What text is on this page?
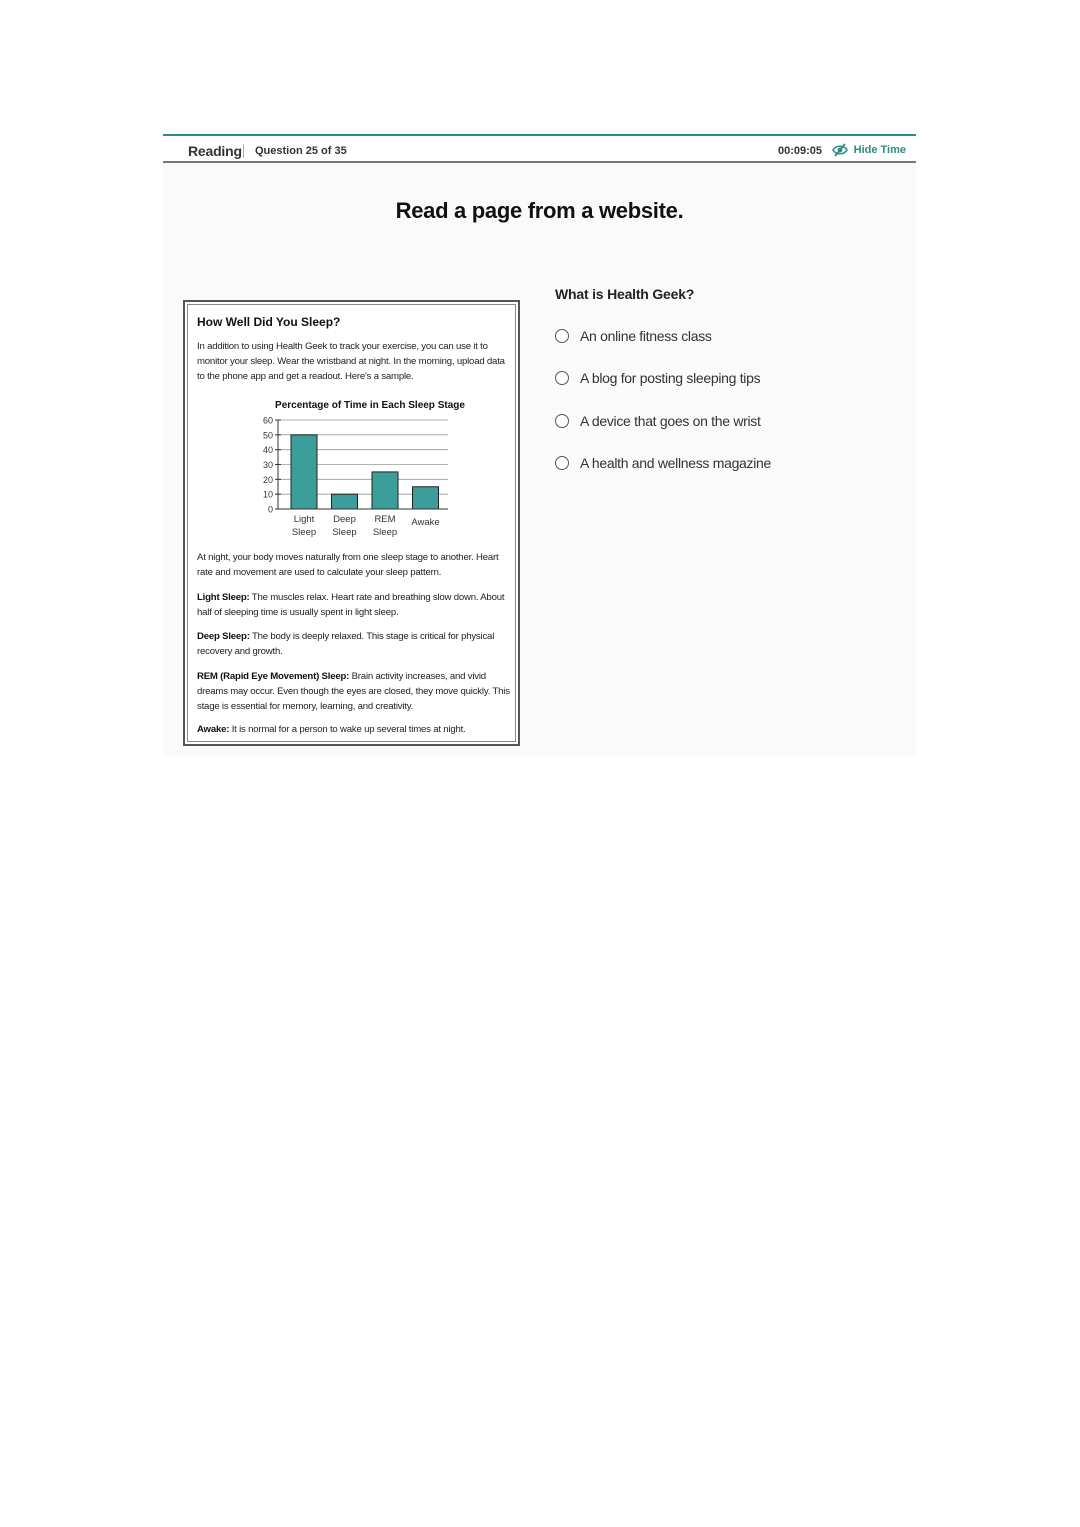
Reading Question 25 of 35	00:09:05	Hide Time
Read a page from a website.
How Well Did You Sleep?
In addition to using Health Geek to track your exercise, you can use it to monitor your sleep. Wear the wristband at night. In the morning, upload data to the phone app and get a readout. Here's a sample.
Percentage of Time in Each Sleep Stage
0
10
20
30
40
50
60
Light
Sleep
Deep
Sleep
REM
Sleep
Awake
At night, your body moves naturally from one sleep stage to another. Heart rate and movement are used to calculate your sleep pattern.
Light Sleep: The muscles relax. Heart rate and breathing slow down. About half of sleeping time is usually spent in light sleep.
Deep Sleep: The body is deeply relaxed. This stage is critical for physical recovery and growth.
REM (Rapid Eye Movement) Sleep: Brain activity increases, and vivid dreams may occur. Even though the eyes are closed, they move quickly. This stage is essential for memory, learning, and creativity.
Awake: It is normal for a person to wake up several times at night.
What is Health Geek?
An online fitness class
A blog for posting sleeping tips
A device that goes on the wrist
A health and wellness magazine
